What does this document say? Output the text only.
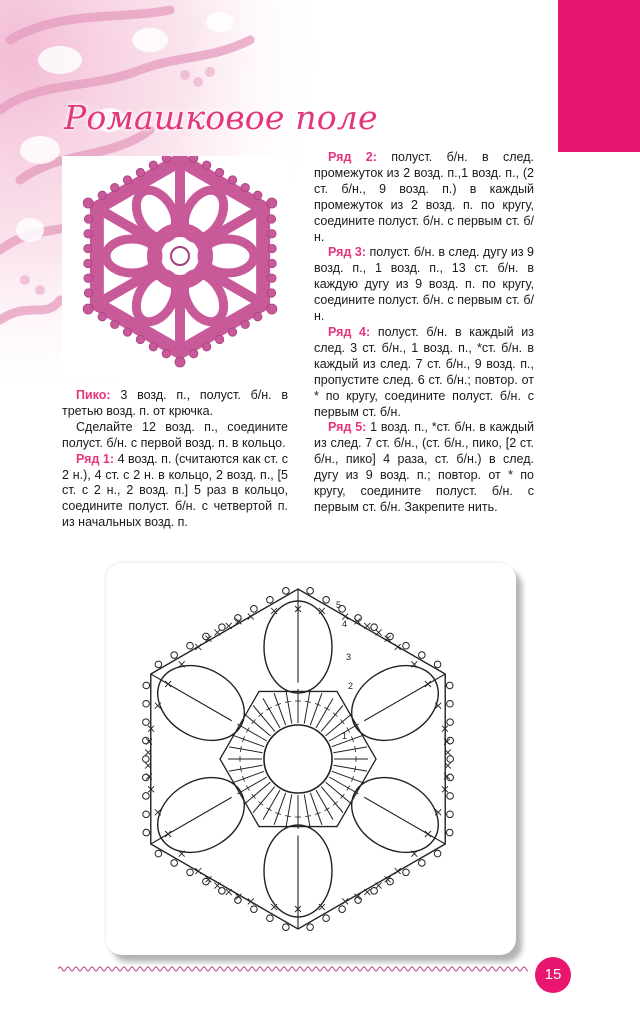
Ромашковое поле

Пико: 3 возд. п., полуст. б/н. в третью возд. п. от крючка.

Сделайте 12 возд. п., соедините полуст. б/н. с первой возд. п. в кольцо.

Ряд 1: 4 возд. п. (считаются как ст. с 2 н.), 4 ст. с 2 н. в кольцо, 2 возд. п., [5 ст. с 2 н., 2 возд. п.] 5 раз в кольцо, соедините полуст. б/н. с четвертой п. из начальных возд. п.

Ряд 2: полуст. б/н. в след. промежуток из 2 возд. п.,1 возд. п., (2 ст. б/н., 9 возд. п.) в каждый промежуток из 2 возд. п. по кругу, соедините полуст. б/н. с первым ст. б/н.

Ряд 3: полуст. б/н. в след. дугу из 9 возд. п., 1 возд. п., 13 ст. б/н. в каждую дугу из 9 возд. п. по кругу, соедините полуст. б/н. с первым ст. б/н.

Ряд 4: полуст. б/н. в каждый из след. 3 ст. б/н., 1 возд. п., *ст. б/н. в каждый из след. 7 ст. б/н., 9 возд. п., пропустите след. 6 ст. б/н.; повтор. от * по кругу, соедините полуст. б/н. с первым ст. б/н.

Ряд 5: 1 возд. п., *ст. б/н. в каждый из след. 7 ст. б/н., (ст. б/н., пико, [2 ст. б/н., пико] 4 раза, ст. б/н.) в след. дугу из 9 возд. п.; повтор. от * по кругу, соедините полуст. б/н. с первым ст. б/н. Закрепите нить.

5
4
3
2
1
15
